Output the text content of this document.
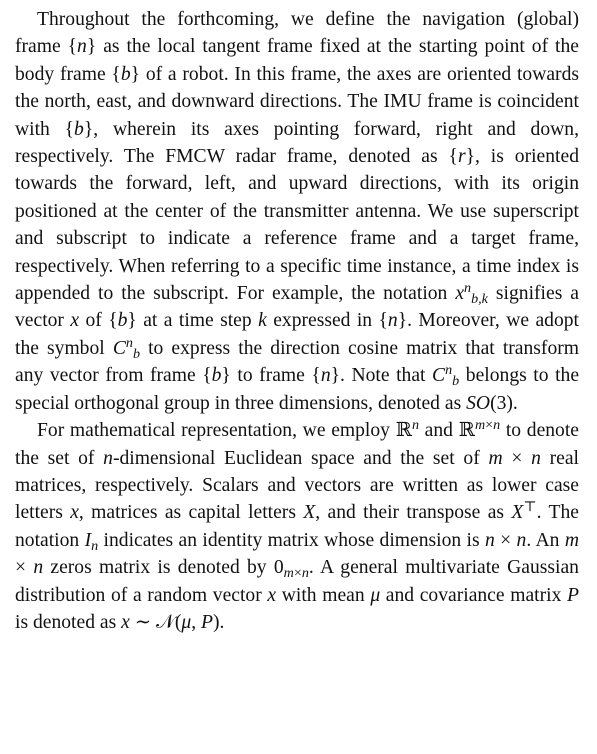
Throughout the forthcoming, we define the navigation (global) frame {n} as the local tangent frame fixed at the starting point of the body frame {b} of a robot. In this frame, the axes are oriented towards the north, east, and downward directions. The IMU frame is coincident with {b}, wherein its axes pointing forward, right and down, respectively. The FMCW radar frame, denoted as {r}, is oriented towards the forward, left, and upward directions, with its origin positioned at the center of the transmitter antenna. We use superscript and subscript to indicate a reference frame and a target frame, respectively. When referring to a specific time instance, a time index is appended to the subscript. For example, the notation $x^n_{b,k}$ signifies a vector x of {b} at a time step k expressed in {n}. Moreover, we adopt the symbol $C^n_b$ to express the direction cosine matrix that transform any vector from frame {b} to frame {n}. Note that $C^n_b$ belongs to the special orthogonal group in three dimensions, denoted as SO(3).

For mathematical representation, we employ ℝ$^n$ and ℝ$^{m\times n}$ to denote the set of n-dimensional Euclidean space and the set of m × n real matrices, respectively. Scalars and vectors are written as lower case letters x, matrices as capital letters X, and their transpose as X⊤. The notation $I_n$ indicates an identity matrix whose dimension is n × n. An m × n zeros matrix is denoted by $0_{m\times n}$. A general multivariate Gaussian distribution of a random vector x with mean μ and covariance matrix P is denoted as x ∼ 𝒩(μ, P).
